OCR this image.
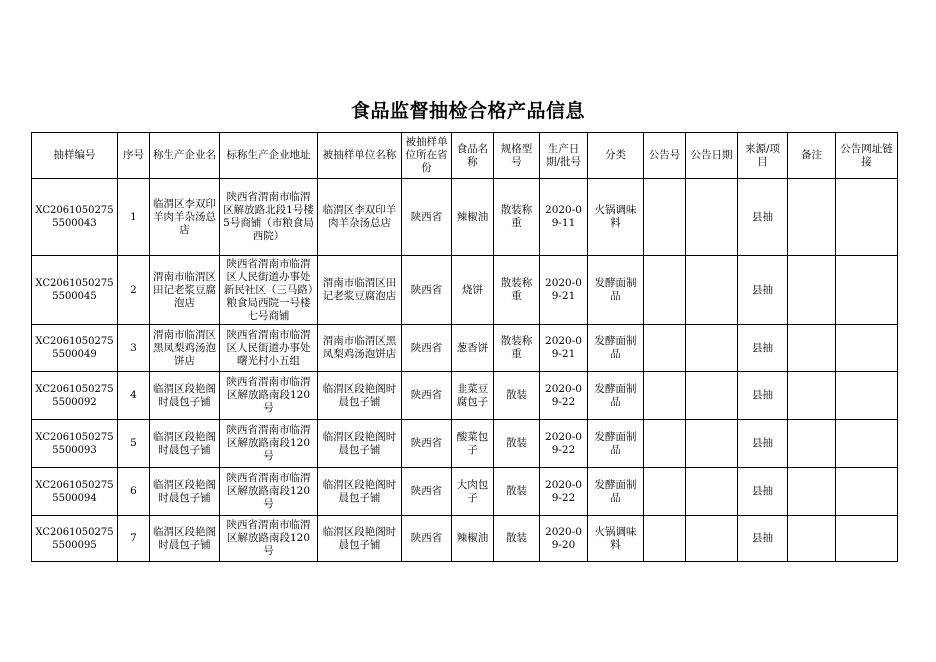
食品监督抽检合格产品信息
抽样编号	序号	称生产企业名	标称生产企业地址	被抽样单位名称	被抽样单位所在省份	食品名称	规格型号	生产日期/批号	分类	公告号	公告日期	来源/项目	备注	公告网址链接
XC20610502755500043	1	临渭区李双印羊肉羊杂汤总店	陕西省渭南市临渭区解放路北段1号楼5号商铺（市粮食局西院）	临渭区李双印羊肉羊杂汤总店	陕西省	辣椒油	散装称重	2020-09-11	火锅调味料			县抽		
XC20610502755500045	2	渭南市临渭区田记老浆豆腐泡店	陕西省渭南市临渭区人民街道办事处新民社区（三马路）粮食局西院一号楼七号商铺	渭南市临渭区田记老浆豆腐泡店	陕西省	烧饼	散装称重	2020-09-21	发酵面制品			县抽		
XC20610502755500049	3	渭南市临渭区黑凤梨鸡汤泡饼店	陕西省渭南市临渭区人民街道办事处曙光村小五组	渭南市临渭区黑凤梨鸡汤泡饼店	陕西省	葱香饼	散装称重	2020-09-21	发酵面制品			县抽		
XC20610502755500092	4	临渭区段艳阁时晨包子铺	陕西省渭南市临渭区解放路南段120号	临渭区段艳阁时晨包子铺	陕西省	韭菜豆腐包子	散装	2020-09-22	发酵面制品			县抽		
XC20610502755500093	5	临渭区段艳阁时晨包子铺	陕西省渭南市临渭区解放路南段120号	临渭区段艳阁时晨包子铺	陕西省	酸菜包子	散装	2020-09-22	发酵面制品			县抽		
XC20610502755500094	6	临渭区段艳阁时晨包子铺	陕西省渭南市临渭区解放路南段120号	临渭区段艳阁时晨包子铺	陕西省	大肉包子	散装	2020-09-22	发酵面制品			县抽		
XC20610502755500095	7	临渭区段艳阁时晨包子铺	陕西省渭南市临渭区解放路南段120号	临渭区段艳阁时晨包子铺	陕西省	辣椒油	散装	2020-09-20	火锅调味料			县抽		
